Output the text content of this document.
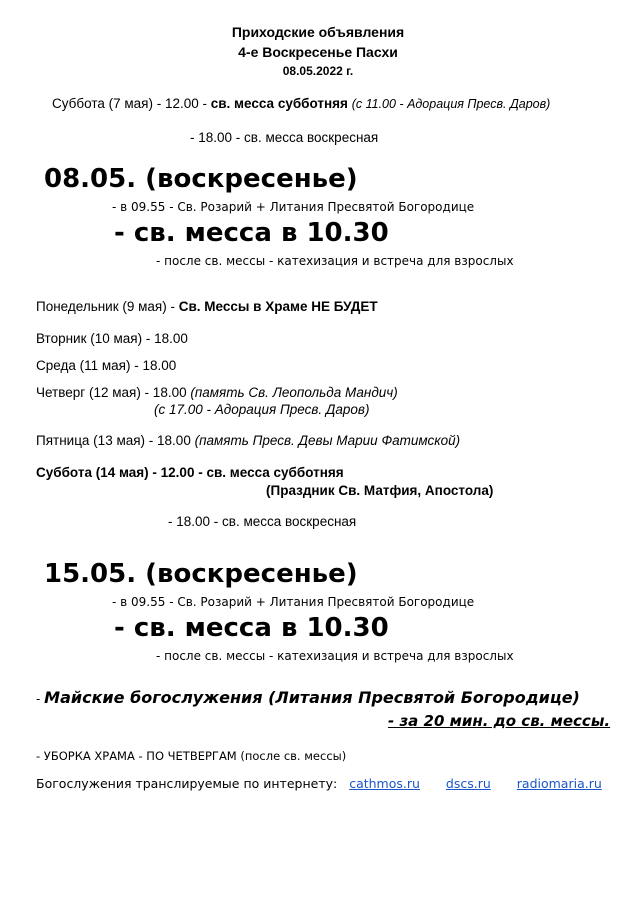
Приходские объявления
4-е Воскресенье Пасхи
08.05.2022 г.
Суббота (7 мая) - 12.00 - св. месса субботняя (с 11.00 - Адорация Пресв. Даров)
- 18.00 - св. месса воскресная
08.05. (воскресенье)
- в 09.55 - Св. Розарий + Литания Пресвятой Богородице
- св. месса в 10.30
- после св. мессы - катехизация и встреча для взрослых
Понедельник (9 мая) - Св. Мессы в Храме НЕ БУДЕТ
Вторник (10 мая) - 18.00
Среда (11 мая) - 18.00
Четверг (12 мая) - 18.00 (память Св. Леопольда Мандич)
(с 17.00 - Адорация Пресв. Даров)
Пятница (13 мая) - 18.00 (память Пресв. Девы Марии Фатимской)
Суббота (14 мая) - 12.00 - св. месса субботняя
(Праздник Св. Матфия, Апостола)
- 18.00 - св. месса воскресная
15.05. (воскресенье)
- в 09.55 - Св. Розарий + Литания Пресвятой Богородице
- св. месса в 10.30
- после св. мессы - катехизация и встреча для взрослых
- Майские богослужения (Литания Пресвятой Богородице)
- за 20 мин. до св. мессы.
- УБОРКА ХРАМА - ПО ЧЕТВЕРГАМ (после св. мессы)
Богослужения транслируемые по интернету: cathmos.ru dscs.ru radiomaria.ru
